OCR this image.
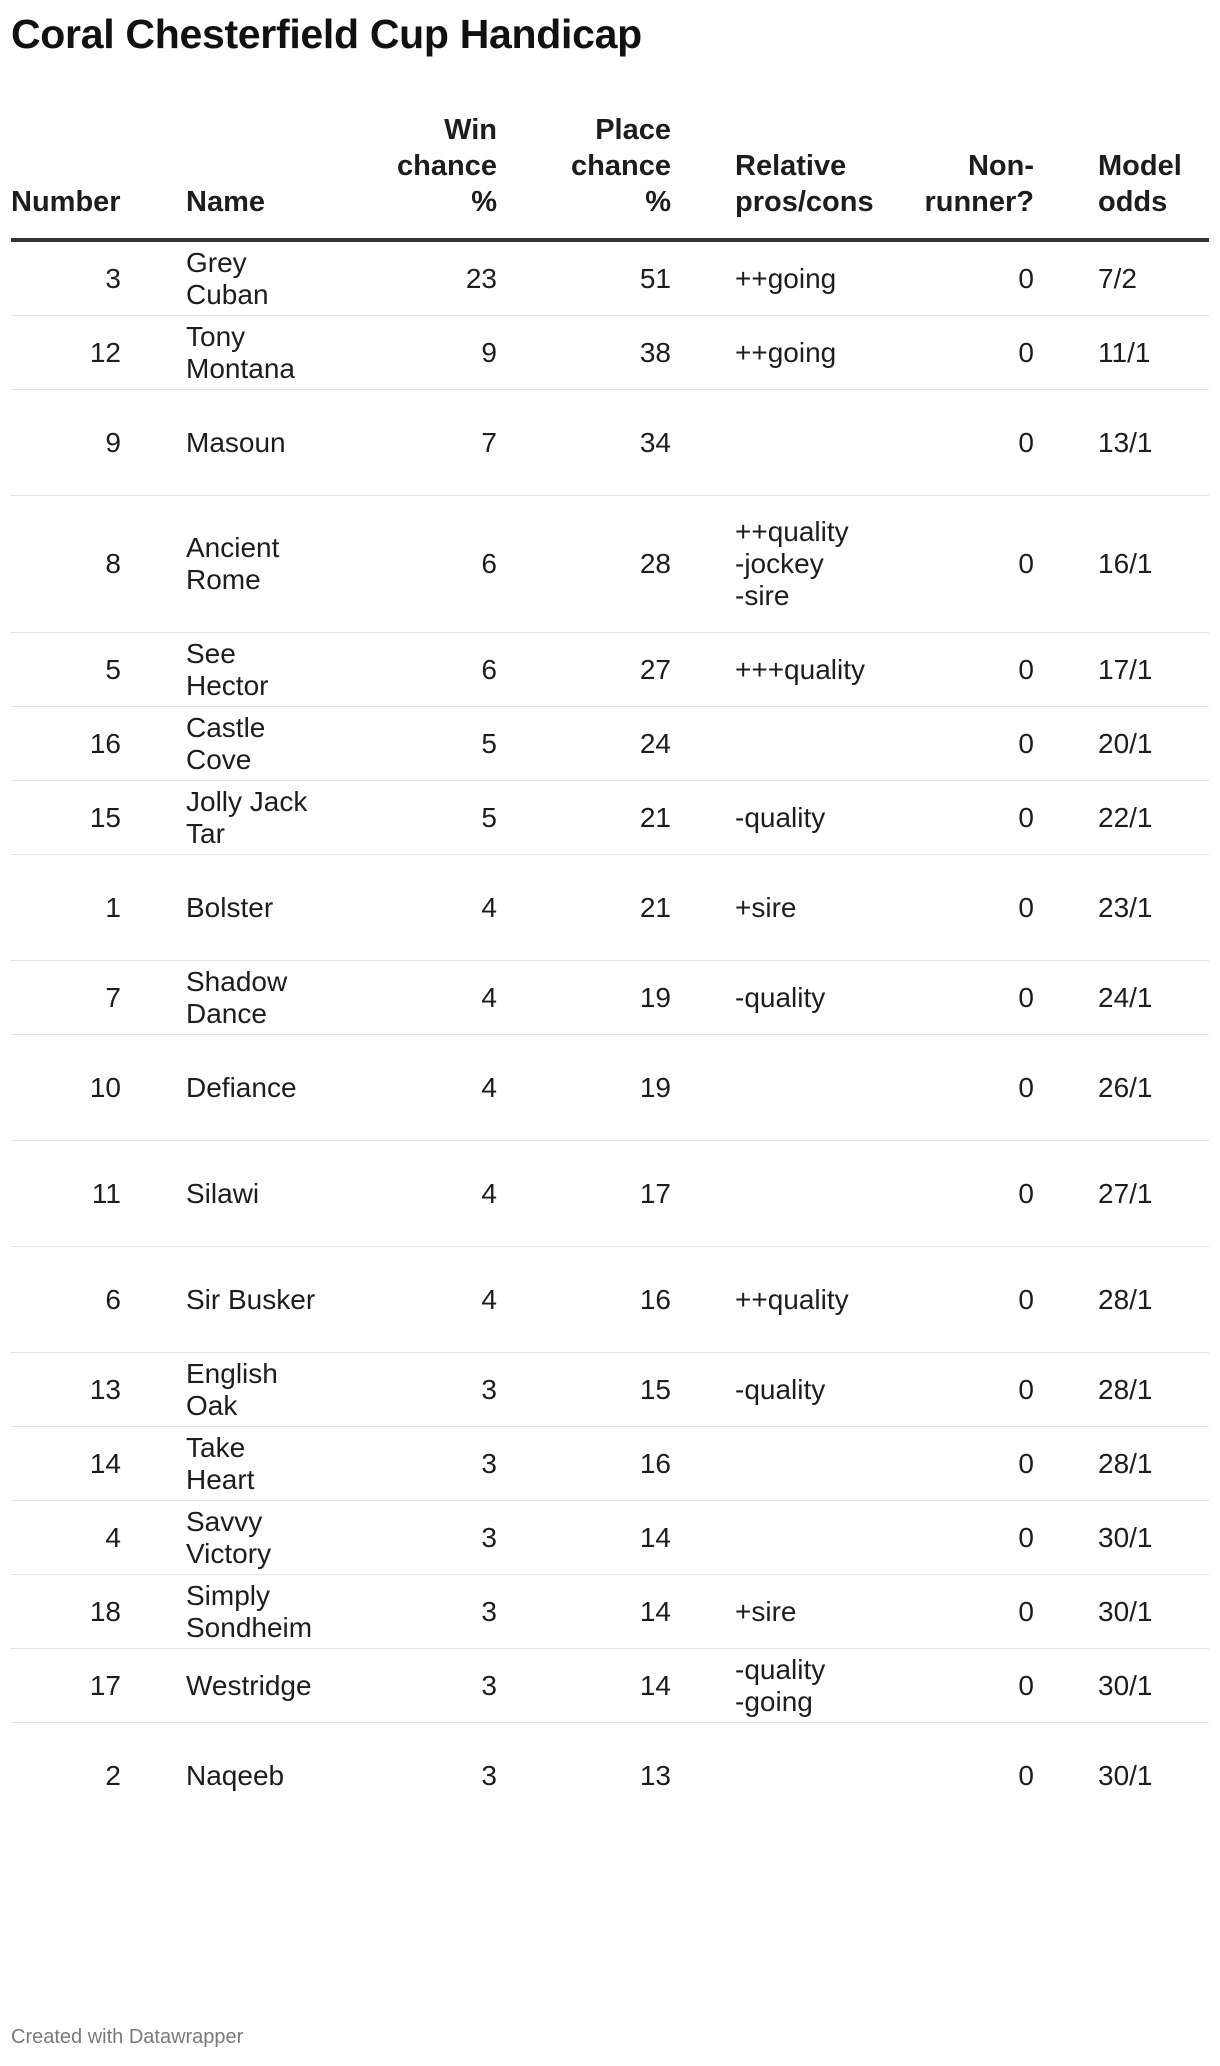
Coral Chesterfield Cup Handicap
Number		Name	Win
chance
%	Place
chance
%		Relative
pros/cons	Non-
runner?		Model
odds
3		Grey
Cuban	23	51		++going	0		7/2
12		Tony
Montana	9	38		++going	0		11/1
9		Masoun	7	34			0		13/1
8		Ancient
Rome	6	28		++quality
-jockey
-sire	0		16/1
5		See
Hector	6	27		+++quality	0		17/1
16		Castle
Cove	5	24			0		20/1
15		Jolly Jack
Tar	5	21		-quality	0		22/1
1		Bolster	4	21		+sire	0		23/1
7		Shadow
Dance	4	19		-quality	0		24/1
10		Defiance	4	19			0		26/1
11		Silawi	4	17			0		27/1
6		Sir Busker	4	16		++quality	0		28/1
13		English
Oak	3	15		-quality	0		28/1
14		Take
Heart	3	16			0		28/1
4		Savvy
Victory	3	14			0		30/1
18		Simply
Sondheim	3	14		+sire	0		30/1
17		Westridge	3	14		-quality
-going	0		30/1
2		Naqeeb	3	13			0		30/1
Created with Datawrapper
